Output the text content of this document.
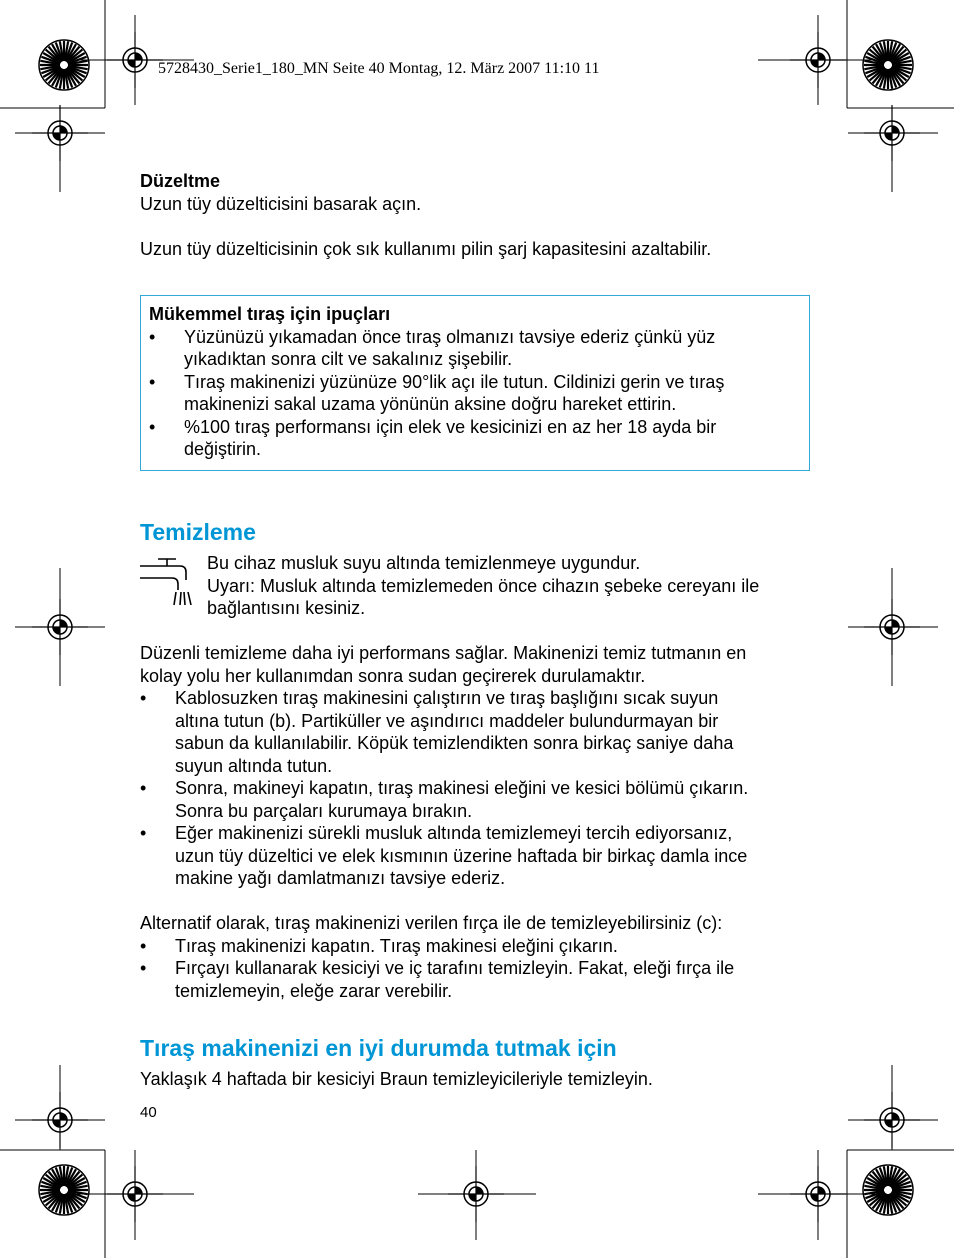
5728430_Serie1_180_MN Seite 40 Montag, 12. März 2007 11:10 11

Düzeltme

Uzun tüy düzelticisini basarak açın.

Uzun tüy düzelticisinin çok sık kullanımı pilin şarj kapasitesini azaltabilir.

Mükemmel tıraş için ipuçları

•	Yüzünüzü yıkamadan önce tıraş olmanızı tavsiye ederiz çünkü yüz

yıkadıktan sonra cilt ve sakalınız şişebilir.

•	Tıraş makinenizi yüzünüze 90°lik açı ile tutun. Cildinizi gerin ve tıraş

makinenizi sakal uzama yönünün aksine doğru hareket ettirin.

•	%100 tıraş performansı için elek ve kesicinizi en az her 18 ayda bir

değiştirin.

Temizleme

Bu cihaz musluk suyu altında temizlenmeye uygundur.

Uyarı: Musluk altında temizlemeden önce cihazın şebeke cereyanı ile

bağlantısını kesiniz.

Düzenli temizleme daha iyi performans sağlar. Makinenizi temiz tutmanın en

kolay yolu her kullanımdan sonra sudan geçirerek durulamaktır.

•	Kablosuzken tıraş makinesini çalıştırın ve tıraş başlığını sıcak suyun

altına tutun (b). Partiküller ve aşındırıcı maddeler bulundurmayan bir

sabun da kullanılabilir. Köpük temizlendikten sonra birkaç saniye daha

suyun altında tutun.

•	Sonra, makineyi kapatın, tıraş makinesi eleğini ve kesici bölümü çıkarın.

Sonra bu parçaları kurumaya bırakın.

•	Eğer makinenizi sürekli musluk altında temizlemeyi tercih ediyorsanız,

uzun tüy düzeltici ve elek kısmının üzerine haftada bir birkaç damla ince

makine yağı damlatmanızı tavsiye ederiz.

Alternatif olarak, tıraş makinenizi verilen fırça ile de temizleyebilirsiniz (c):

•	Tıraş makinenizi kapatın. Tıraş makinesi eleğini çıkarın.

•	Fırçayı kullanarak kesiciyi ve iç tarafını temizleyin. Fakat, eleği fırça ile

temizlemeyin, eleğe zarar verebilir.

Tıraş makinenizi en iyi durumda tutmak için

Yaklaşık 4 haftada bir kesiciyi Braun temizleyicileriyle temizleyin.

40
